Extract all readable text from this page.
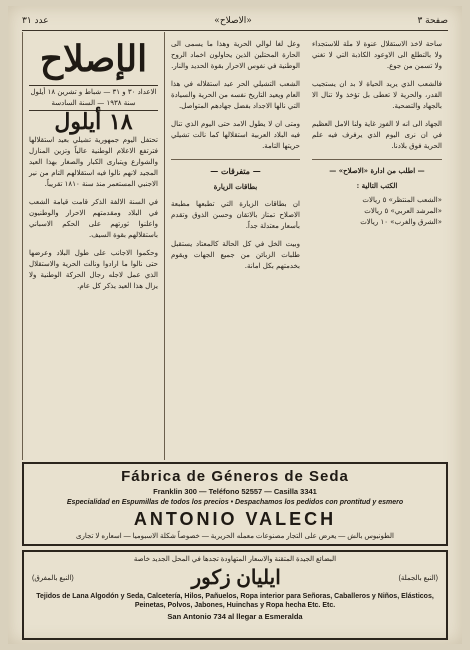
عدد ٣١	«الاصلاح»	صفحة ٣
الإصلاح
الاعداد ٣٠ و ٣١ — شباط و تشرين ١٨ أيلول سنة ١٩٣٨ — السنة السادسة
١٨ أيلول

تحتفل اليوم جمهورية تشيلي بعيد استقلالها فترتفع الاعلام الوطنية عالياً وتزين المنازل والشوارع ويتبارى الكبار والصغار بهذا العيد المجيد لانهم نالوا فيه استقلالهم التام من نير الاجنبي المستعمر منذ سنة ١٨١٠ تقريباً.

في السنة الالفة الذكر قامت قيامة الشعب في البلاد ومقدمتهم الاحرار والوطنيون واعلنوا ثورتهم على الحكم الاسباني باستقلالهم بقوة السيف.

وحكموا الاجانب على طول البلاد وعرضها حتى نالوا ما ارادوا ونالت الحرية والاستقلال الذي عمل لاجله رجال الحركة الوطنية ولا يزال هذا العيد يذكر كل عام.

وعل لغا لوالي الحرية وهذا ما يسمى الى الحارة المحتلين الذين يحاولون اخماد الروح الوطنية في نفوس الاحرار بقوة الحديد والنار.

الشعب التشيلي الحر عيد استقلاله في هذا العام ويعيد التاريخ نفسه من الحرية والسيادة التي نالها الاجداد بفضل جهادهم المتواصل.

ومتى ان لا يطول الامد حتى اليوم الذي تنال فيه البلاد العربية استقلالها كما نالت تشيلي حريتها التامة.

— متفرقات —
بطاقات الزيارة

ان بطاقات الزيارة التي تطبعها مطبعة الاصلاح تمتاز بالاتقان وحسن الذوق وتقدم بأسعار معتدلة جداً.

وبيت الخل في كل الحالة كالمعتاد يستقبل طلبات الزبائن من جميع الجهات ويقوم بخدمتهم بكل امانة.

ساحة لاخذ الاستقلال عنوة لا ملة للاستجداء ولا بالتطلع الى الاوعود الكاذبة التي لا تغني ولا تسمن من جوع.

فالشعب الذي يريد الحياة لا بد ان يستجيب القدر، والحرية لا تعطى بل تؤخذ ولا تنال الا بالجهاد والتضحية.

الجهاد الى انه لا الفوز غاية ولنا الامل العظيم في ان نرى اليوم الذي يرفرف فيه علم الحرية فوق بلادنا.

— اطلب من ادارة «الاصلاح» —
الكتب التالية :
«الشعب المنتظر» ٥ ريالات
«المرشد العربي» ٥ ريالات
«الشرق والغرب» ١٠ ريالات
Fábrica de Géneros de Seda
Franklin 300 — Teléfono 52557 — Casilla 3341
Especialidad en Espumillas de todos los precios • Despachamos los pedidos con prontitud y esmero
ANTONIO VALECH
الطونيوس بالش — يعرض على التجار مصنوعات معمله الحريرية — خصوصاً شكلة الاسبوميا — اسعاره لا تجارى
البضائع الجيدة المتقنة والاسعار المتهاودة تجدها في المحل الجديد خاصة
(النبع بالمفرق)	ايليان زكور	(النبع بالجملة)
Tejidos de Lana Algodón y Seda, Calcetería, Hilos, Pañuelos, Ropa interior para Señoras, Caballeros y Niños, Elásticos, Peinetas, Polvos, Jabones, Huinchas y Ropa hecha Etc. Etc.
San Antonio 734 al llegar a Esmeralda
